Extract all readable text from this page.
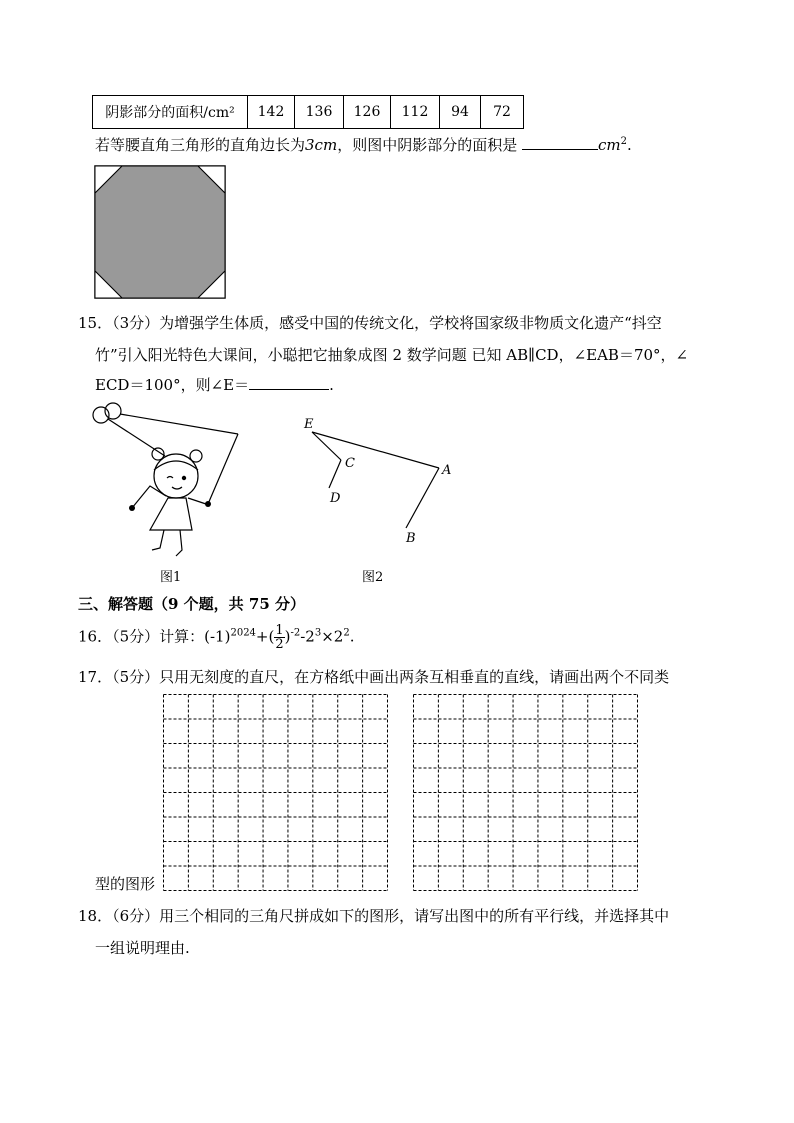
阴影部分的面积/cm²	142	136	126	112	94	72
若等腰直角三角形的直角边长为3cm，则图中阴影部分的面积是	$cm^2$.
15．（3分）为增强学生体质，感受中国的传统文化，学校将国家级非物质文化遗产“抖空
竹”引入阳光特色大课间，小聪把它抽象成图 2 数学问题 已知 AB∥CD，∠EAB＝70°，∠
ECD＝100°，则∠E＝	.
图1
E
C
D
A
B
图2
三、解答题（9 个题，共 75 分）
16．（5分）计算：$(-1)^{2024}+( \frac{1}{2} )^{-2}-2^3\times 2^2$.
17．（5分）只用无刻度的直尺，在方格纸中画出两条互相垂直的直线，请画出两个不同类
型的图形
18．（6分）用三个相同的三角尺拼成如下的图形，请写出图中的所有平行线，并选择其中
一组说明理由.
